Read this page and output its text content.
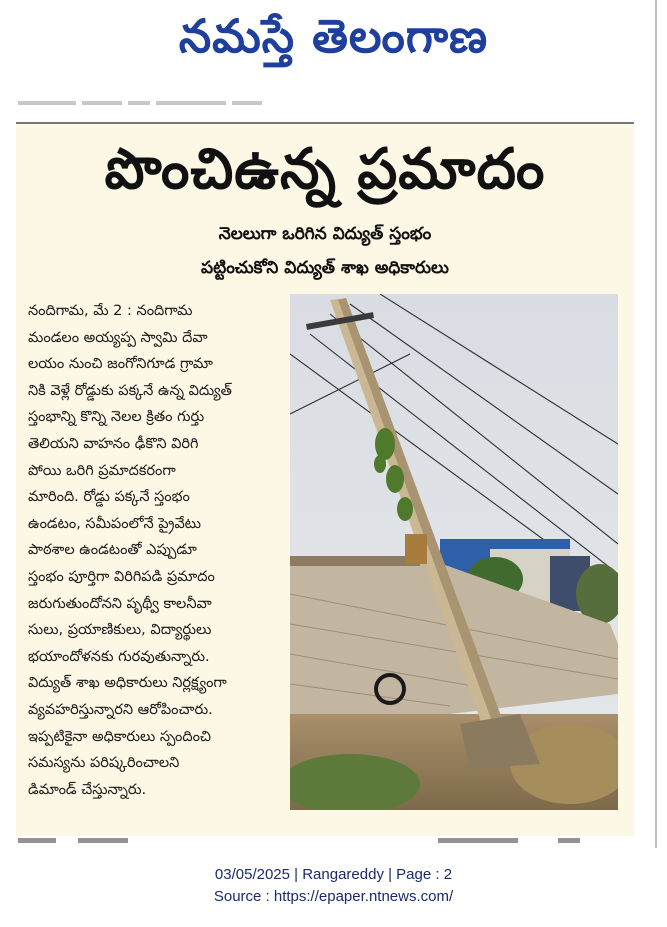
నమస్తే తెలంగాణ
పొంచిఉన్న ప్రమాదం
నెలలుగా ఒరిగిన విద్యుత్ స్తంభం
పట్టించుకోని విద్యుత్ శాఖ అధికారులు
నందిగామ, మే 2 : నందిగామ
మండలం అయ్యప్ప స్వామి దేవా
లయం నుంచి జంగోనిగూడ గ్రామా
నికి వెళ్లే రోడ్డుకు పక్కనే ఉన్న విద్యుత్
స్తంభాన్ని కొన్ని నెలల క్రితం గుర్తు
తెలియని వాహనం ఢీకొని విరిగి
పోయి ఒరిగి ప్రమాదకరంగా
మారింది. రోడ్డు పక్కనే స్తంభం
ఉండటం, సమీపంలోనే ప్రైవేటు
పాఠశాల ఉండటంతో ఎప్పుడూ
స్తంభం పూర్తిగా విరిగిపడి ప్రమాదం
జరుగుతుందోనని పృథ్వీ కాలనీవా
సులు, ప్రయాణికులు, విద్యార్థులు
భయాందోళనకు గురవుతున్నారు.
విద్యుత్ శాఖ అధికారులు నిర్లక్ష్యంగా
వ్యవహరిస్తున్నారని ఆరోపించారు.
ఇప్పటికైనా అధికారులు స్పందించి
సమస్యను పరిష్కరించాలని
డిమాండ్ చేస్తున్నారు.
03/05/2025 | Rangareddy | Page : 2
Source : https://epaper.ntnews.com/
